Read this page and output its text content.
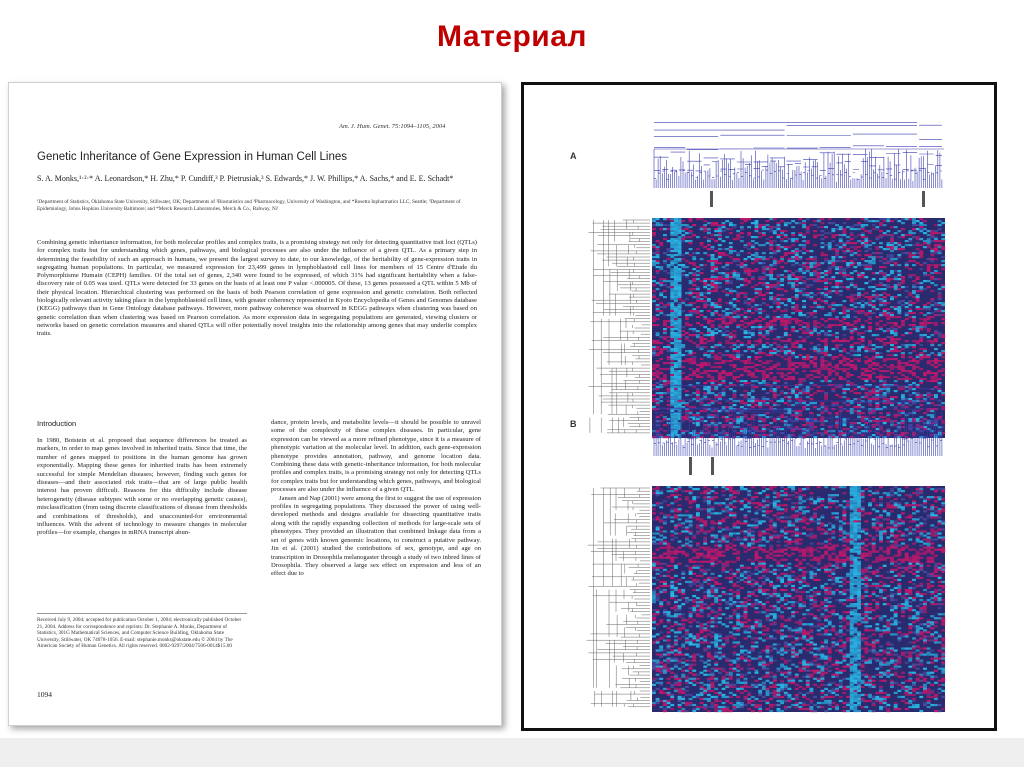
Материал
Am. J. Hum. Genet. 75:1094–1105, 2004
Genetic Inheritance of Gene Expression in Human Cell Lines
S. A. Monks,¹·²·* A. Leonardson,* H. Zhu,* P. Cundiff,³ P. Pietrusiak,³ S. Edwards,* J. W. Phillips,* A. Sachs,* and E. E. Schadt*
¹Department of Statistics, Oklahoma State University, Stillwater, OK; Departments of ²Biostatistics and ³Pharmacology, University of Washington, and *Rosetta Inpharmatics LLC, Seattle; ³Department of Epidemiology, Johns Hopkins University Baltimore; and *Merck Research Laboratories, Merck & Co., Rahway, NJ
Combining genetic inheritance information, for both molecular profiles and complex traits, is a promising strategy not only for detecting quantitative trait loci (QTLs) for complex traits but for understanding which genes, pathways, and biological processes are also under the influence of a given QTL. As a primary step in determining the feasibility of such an approach in humans, we present the largest survey to date, to our knowledge, of the heritability of gene-expression traits in segregating human populations. In particular, we measured expression for 23,499 genes in lymphoblastoid cell lines for members of 15 Centre d'Etude du Polymorphisme Humain (CEPH) families. Of the total set of genes, 2,340 were found to be expressed, of which 31% had significant heritability when a false-discovery rate of 0.05 was used. QTLs were detected for 33 genes on the basis of at least one P value <.000005. Of these, 13 genes possessed a QTL within 5 Mb of their physical location. Hierarchical clustering was performed on the basis of both Pearson correlation of gene expression and genetic correlation. Both reflected biologically relevant activity taking place in the lymphoblastoid cell lines, with greater coherency represented in Kyoto Encyclopedia of Genes and Genomes database (KEGG) pathways than in Gene Ontology database pathways. However, more pathway coherence was observed in KEGG pathways when clustering was based on genetic correlation than when clustering was based on Pearson correlation. As more expression data in segregating populations are generated, viewing clusters or networks based on genetic correlation measures and shared QTLs will offer potentially novel insights into the relationship among genes that may underlie complex traits.
Introduction

In 1980, Botstein et al. proposed that sequence differences be treated as markers, in order to map genes involved in inherited traits. Since that time, the number of genes mapped to positions in the human genome has grown exponentially. Mapping these genes for inherited traits has been extremely successful for simple Mendelian diseases; however, finding such genes for diseases—and their associated risk traits—that are of large public health interest has proven difficult. Reasons for this difficulty include disease heterogeneity (disease subtypes with some or no overlapping genetic causes), misclassification (from using discrete classifications of disease from thresholds and combinations of thresholds), and unaccounted-for environmental influences. With the advent of technology to measure changes in molecular profiles—for example, changes in mRNA transcript abun-

dance, protein levels, and metabolite levels—it should be possible to unravel some of the complexity of these complex diseases. In particular, gene expression can be viewed as a more refined phenotype, since it is a measure of phenotypic variation at the molecular level. In addition, each gene-expression phenotype provides annotation, pathway, and genome location data. Combining these data with genetic-inheritance information, for both molecular profiles and complex traits, is a promising strategy not only for detecting QTLs for complex traits but for understanding which genes, pathways, and biological processes are also under the influence of a given QTL.

Jansen and Nap (2001) were among the first to suggest the use of expression profiles in segregating populations. They discussed the power of using well-developed methods and designs available for dissecting quantitative traits along with the rapidly expanding collection of methods for large-scale sets of phenotypes. They provided an illustration that combined linkage data from a set of genes with known genomic locations, to construct a putative pathway. Jin et al. (2001) studied the contributions of sex, genotype, and age on transcription in Drosophila melanogaster through a study of two inbred lines of Drosophila. They observed a large sex effect on expression and less of an effect due to

Received July 9, 2004; accepted for publication October 1, 2004; electronically published October 21, 2004. Address for correspondence and reprints: Dr. Stephanie A. Monks, Department of Statistics, 301G Mathematical Sciences, and Computer Science Building, Oklahoma State University, Stillwater, OK 74078-1056. E-mail: stephanie.monks@okstate.edu © 2004 by The American Society of Human Genetics. All rights reserved. 0002-9297/2004/7506-0014$15.00
1094
A
B
